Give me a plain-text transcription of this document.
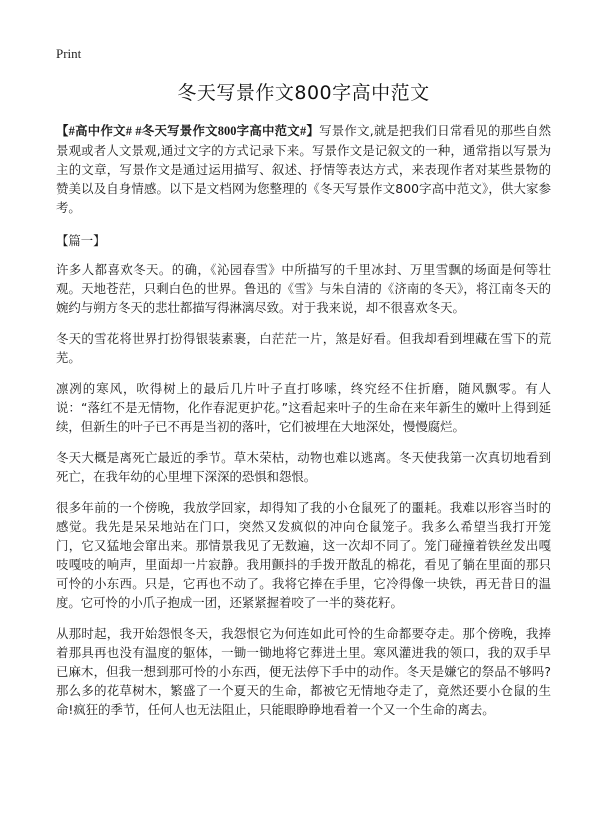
Print
冬天写景作文800字高中范文

【#高中作文# #冬天写景作文800字高中范文#】写景作文,就是把我们日常看见的那些自然景观或者人文景观,通过文字的方式记录下来。写景作文是记叙文的一种，通常指以写景为主的文章，写景作文是通过运用描写、叙述、抒情等表达方式，来表现作者对某些景物的赞美以及自身情感。以下是文档网为您整理的《冬天写景作文800字高中范文》，供大家参考。

【篇一】

许多人都喜欢冬天。的确，《沁园春雪》中所描写的千里冰封、万里雪飘的场面是何等壮观。天地苍茫，只剩白色的世界。鲁迅的《雪》与朱自清的《济南的冬天》，将江南冬天的婉约与朔方冬天的悲壮都描写得淋漓尽致。对于我来说，却不很喜欢冬天。

冬天的雪花将世界打扮得银装素裹，白茫茫一片，煞是好看。但我却看到埋藏在雪下的荒芜。

凛冽的寒风，吹得树上的最后几片叶子直打哆嗦，终究经不住折磨，随风飘零。有人说：“落红不是无情物，化作春泥更护花。”这看起来叶子的生命在来年新生的嫩叶上得到延续，但新生的叶子已不再是当初的落叶，它们被埋在大地深处，慢慢腐烂。

冬天大概是离死亡最近的季节。草木荣枯，动物也难以逃离。冬天使我第一次真切地看到死亡，在我年幼的心里埋下深深的恐惧和怨恨。

很多年前的一个傍晚，我放学回家，却得知了我的小仓鼠死了的噩耗。我难以形容当时的感觉。我先是呆呆地站在门口，突然又发疯似的冲向仓鼠笼子。我多么希望当我打开笼门，它又猛地会窜出来。那情景我见了无数遍，这一次却不同了。笼门碰撞着铁丝发出嘎吱嘎吱的响声，里面却一片寂静。我用颤抖的手拨开散乱的棉花，看见了躺在里面的那只可怜的小东西。只是，它再也不动了。我将它捧在手里，它冷得像一块铁，再无昔日的温度。它可怜的小爪子抱成一团，还紧紧握着咬了一半的葵花籽。

从那时起，我开始怨恨冬天，我怨恨它为何连如此可怜的生命都要夺走。那个傍晚，我捧着那具再也没有温度的躯体，一锄一锄地将它葬进土里。寒风灌进我的领口，我的双手早已麻木，但我一想到那可怜的小东西，便无法停下手中的动作。冬天是嫌它的祭品不够吗?那么多的花草树木，繁盛了一个夏天的生命，都被它无情地夺走了，竟然还要小仓鼠的生命!疯狂的季节，任何人也无法阻止，只能眼睁睁地看着一个又一个生命的离去。
